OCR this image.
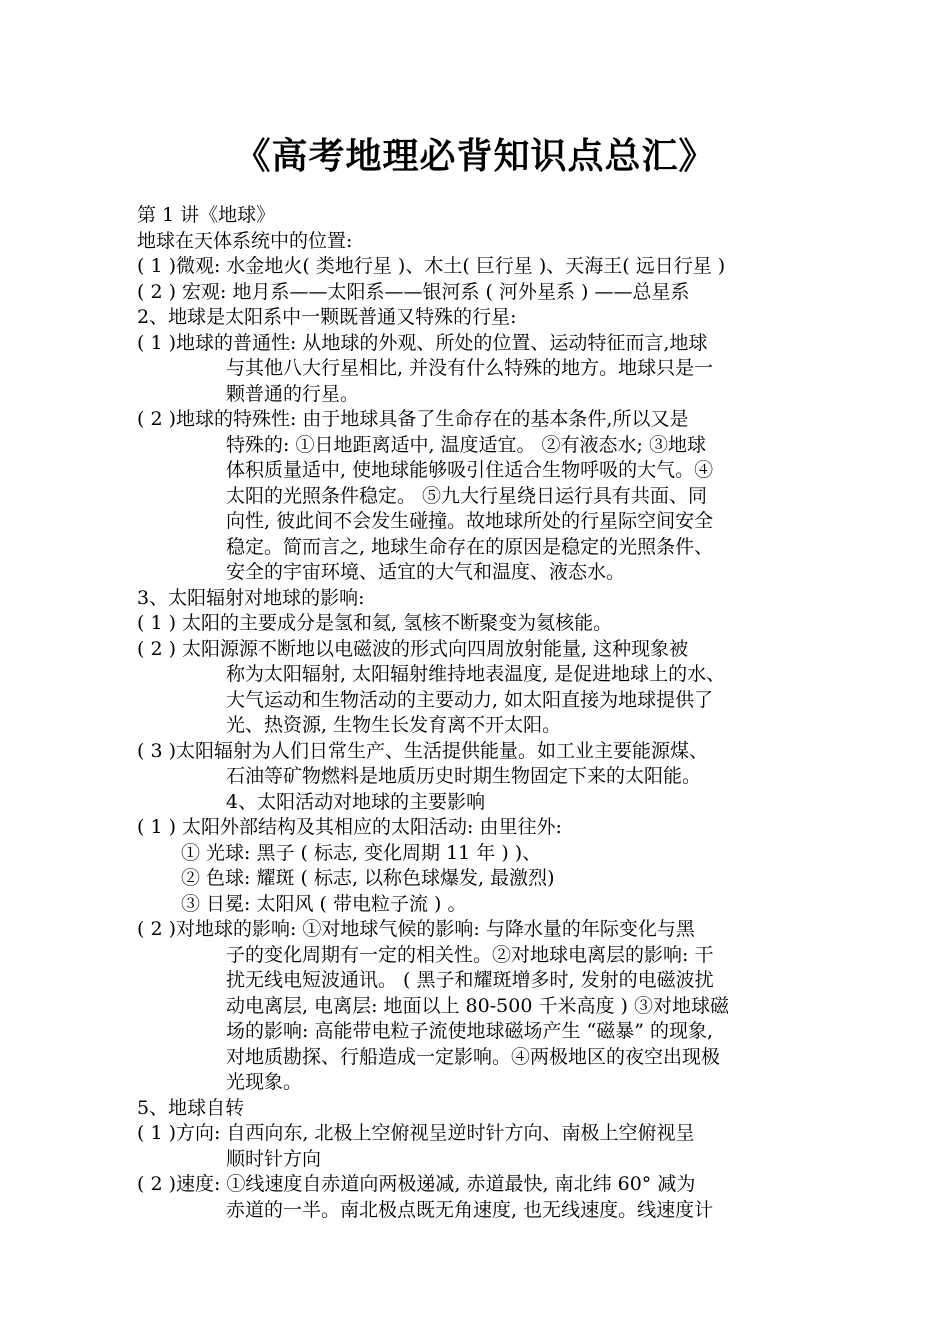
《高考地理必背知识点总汇》
第 1 讲《地球》
地球在天体系统中的位置:
( 1 )微观: 水金地火( 类地行星 )、木土( 巨行星 )、天海王( 远日行星 )
( 2 ) 宏观: 地月系——太阳系——银河系 ( 河外星系 ) ——总星系
2、地球是太阳系中一颗既普通又特殊的行星:
( 1 )地球的普通性: 从地球的外观、所处的位置、运动特征而言,地球
与其他八大行星相比, 并没有什么特殊的地方。地球只是一
颗普通的行星。
( 2 )地球的特殊性: 由于地球具备了生命存在的基本条件,所以又是
特殊的: ①日地距离适中, 温度适宜。 ②有液态水; ③地球
体积质量适中, 使地球能够吸引住适合生物呼吸的大气。④
太阳的光照条件稳定。 ⑤九大行星绕日运行具有共面、同
向性, 彼此间不会发生碰撞。故地球所处的行星际空间安全
稳定。简而言之, 地球生命存在的原因是稳定的光照条件、
安全的宇宙环境、适宜的大气和温度、液态水。
3、太阳辐射对地球的影响:
( 1 ) 太阳的主要成分是氢和氦, 氢核不断聚变为氦核能。
( 2 ) 太阳源源不断地以电磁波的形式向四周放射能量, 这种现象被
称为太阳辐射, 太阳辐射维持地表温度, 是促进地球上的水、
大气运动和生物活动的主要动力, 如太阳直接为地球提供了
光、热资源, 生物生长发育离不开太阳。
( 3 )太阳辐射为人们日常生产、生活提供能量。如工业主要能源煤、
石油等矿物燃料是地质历史时期生物固定下来的太阳能。
4、太阳活动对地球的主要影响
( 1 ) 太阳外部结构及其相应的太阳活动: 由里往外:
① 光球: 黑子 ( 标志, 变化周期 11 年 ) )、
② 色球: 耀斑 ( 标志, 以称色球爆发, 最激烈)
③ 日冕: 太阳风 ( 带电粒子流 ) 。
( 2 )对地球的影响: ①对地球气候的影响: 与降水量的年际变化与黑
子的变化周期有一定的相关性。②对地球电离层的影响: 干
扰无线电短波通讯。 ( 黑子和耀斑增多时, 发射的电磁波扰
动电离层, 电离层: 地面以上 80-500 千米高度 ) ③对地球磁
场的影响: 高能带电粒子流使地球磁场产生 “磁暴” 的现象,
对地质勘探、行船造成一定影响。④两极地区的夜空出现极
光现象。
5、地球自转
( 1 )方向: 自西向东, 北极上空俯视呈逆时针方向、南极上空俯视呈
顺时针方向
( 2 )速度: ①线速度自赤道向两极递减, 赤道最快, 南北纬 60° 减为
赤道的一半。南北极点既无角速度, 也无线速度。线速度计
